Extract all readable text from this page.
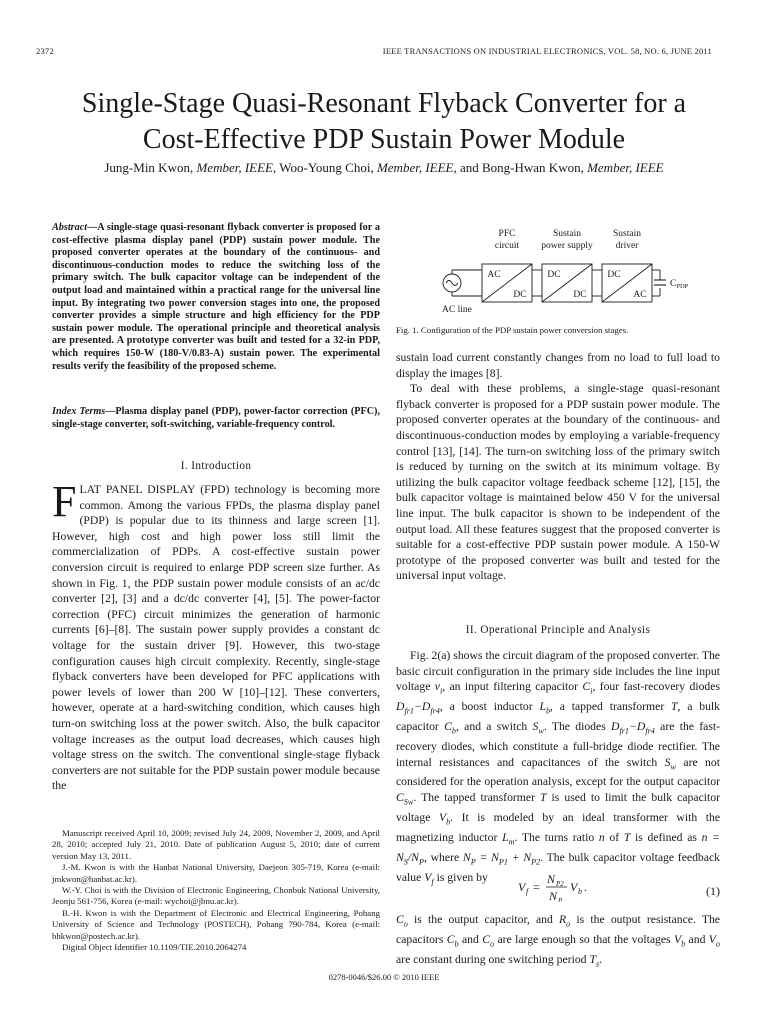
2372	IEEE TRANSACTIONS ON INDUSTRIAL ELECTRONICS, VOL. 58, NO. 6, JUNE 2011
Single-Stage Quasi-Resonant Flyback Converter for a
Cost-Effective PDP Sustain Power Module
Jung-Min Kwon, Member, IEEE, Woo-Young Choi, Member, IEEE, and Bong-Hwan Kwon, Member, IEEE
Abstract—A single-stage quasi-resonant flyback converter is proposed for a cost-effective plasma display panel (PDP) sustain power module. The proposed converter operates at the boundary of the continuous- and discontinuous-conduction modes to reduce the switching loss of the primary switch. The bulk capacitor voltage can be independent of the output load and maintained within a practical range for the universal line input. By integrating two power conversion stages into one, the proposed converter provides a simple structure and high efficiency for the PDP sustain power module. The operational principle and theoretical analysis are presented. A prototype converter was built and tested for a 32-in PDP, which requires 150-W (180-V/0.83-A) sustain power. The experimental results verify the feasibility of the proposed scheme.
Index Terms—Plasma display panel (PDP), power-factor correction (PFC), single-stage converter, soft-switching, variable-frequency control.
I. Introduction
FLAT PANEL DISPLAY (FPD) technology is becoming more common. Among the various FPDs, the plasma display panel (PDP) is popular due to its thinness and large screen [1]. However, high cost and high power loss still limit the commercialization of PDPs. A cost-effective sustain power conversion circuit is required to enlarge PDP screen size further. As shown in Fig. 1, the PDP sustain power module consists of an ac/dc converter [2], [3] and a dc/dc converter [4], [5]. The power-factor correction (PFC) circuit minimizes the generation of harmonic currents [6]–[8]. The sustain power supply provides a constant dc voltage for the sustain driver [9]. However, this two-stage configuration causes high circuit complexity. Recently, single-stage flyback converters have been developed for PFC applications with power levels of lower than 200 W [10]–[12]. These converters, however, operate at a hard-switching condition, which causes high turn-on switching loss at the power switch. Also, the bulk capacitor voltage increases as the output load decreases, which causes high voltage stress on the switch. The conventional single-stage flyback converters are not suitable for the PDP sustain power module because the

Manuscript received April 10, 2009; revised July 24, 2009, November 2, 2009, and April 28, 2010; accepted July 21, 2010. Date of publication August 5, 2010; date of current version May 13, 2011.

J.-M. Kwon is with the Hanbat National University, Daejeon 305-719, Korea (e-mail: jmkwon@hanbat.ac.kr).

W.-Y. Choi is with the Division of Electronic Engineering, Chonbuk National University, Jeonju 561-756, Korea (e-mail: wychoi@jbnu.ac.kr).

B.-H. Kwon is with the Department of Electronic and Electrical Engineering, Pohang University of Science and Technology (POSTECH), Pohang 790-784, Korea (e-mail: bhkwon@postech.ac.kr).

Digital Object Identifier 10.1109/TIE.2010.2064274

PFC
circuit
Sustain
power supply
Sustain
driver
AC line
AC
DC
DC
DC
DC
AC
$C_{PDP}$
Fig. 1. Configuration of the PDP sustain power conversion stages.

sustain load current constantly changes from no load to full load to display the images [8].

To deal with these problems, a single-stage quasi-resonant flyback converter is proposed for a PDP sustain power module. The proposed converter operates at the boundary of the continuous- and discontinuous-conduction modes by employing a variable-frequency control [13], [14]. The turn-on switching loss of the primary switch is reduced by turning on the switch at its minimum voltage. By utilizing the bulk capacitor voltage feedback scheme [12], [15], the bulk capacitor voltage is maintained below 450 V for the universal line input. The bulk capacitor is shown to be independent of the output load. All these features suggest that the proposed converter is suitable for a cost-effective PDP sustain power module. A 150-W prototype of the proposed converter was built and tested for the universal input voltage.

II. Operational Principle and Analysis

Fig. 2(a) shows the circuit diagram of the proposed converter. The basic circuit configuration in the primary side includes the line input voltage $v_i$, an input filtering capacitor $C_i$, four fast-recovery diodes $D_{fr1}-D_{fr4}$, a boost inductor $L_b$, a tapped transformer T, a bulk capacitor $C_b$, and a switch $S_w$. The diodes $D_{fr1}-D_{fr4}$ are the fast-recovery diodes, which constitute a full-bridge diode rectifier. The internal resistances and capacitances of the switch $S_w$ are not considered for the operation analysis, except for the output capacitor $C_{Sw}$. The tapped transformer T is used to limit the bulk capacitor voltage $V_b$. It is modeled by an ideal transformer with the magnetizing inductor $L_m$. The turns ratio n of T is defined as $n = N_S/N_P$, where $N_P = N_{P1} + N_{P2}$. The bulk capacitor voltage feedback value $V_f$ is given by

V f =
N P2
N P
V b .	(1)

$C_o$ is the output capacitor, and $R_o$ is the output resistance. The capacitors $C_b$ and $C_o$ are large enough so that the voltages $V_b$ and $V_o$ are constant during one switching period $T_s$.

0278-0046/$26.00 © 2010 IEEE
